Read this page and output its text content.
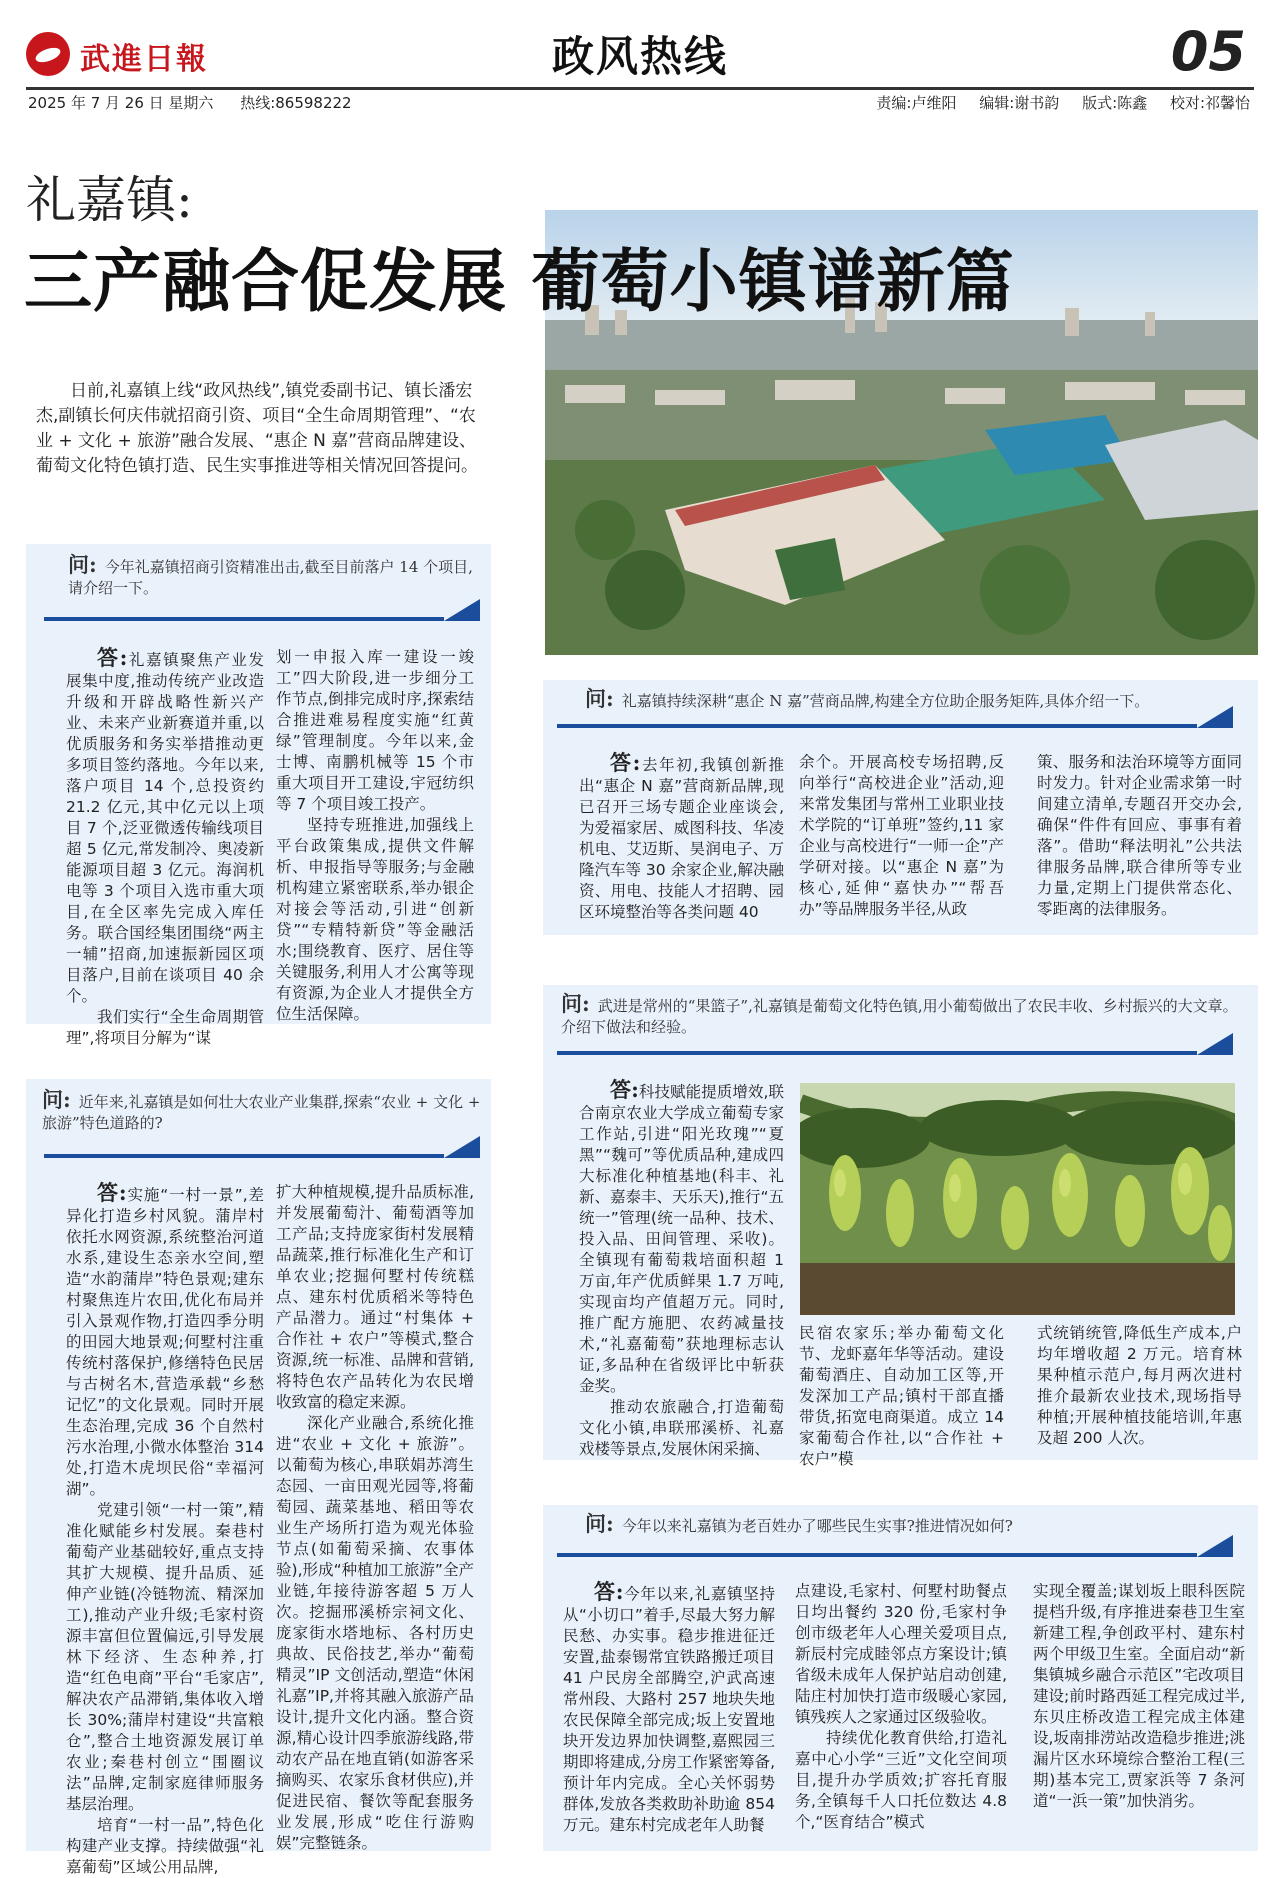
武進日報	政风热线	05
2025 年 7 月 26 日 星期六 热线:86598222	责编:卢维阳 编辑:谢书韵 版式:陈鑫 校对:祁馨怡
礼嘉镇:
三产融合促发展 葡萄小镇谱新篇
日前,礼嘉镇上线“政风热线”,镇党委副书记、镇长潘宏杰,副镇长何庆伟就招商引资、项目“全生命周期管理”、“农业 + 文化 + 旅游”融合发展、“惠企 N 嘉”营商品牌建设、葡萄文化特色镇打造、民生实事推进等相关情况回答提问。
问: 今年礼嘉镇招商引资精准出击,截至目前落户 14 个项目,请介绍一下。

答:礼嘉镇聚焦产业发展集中度,推动传统产业改造升级和开辟战略性新兴产业、未来产业新赛道并重,以优质服务和务实举措推动更多项目签约落地。今年以来,落户项目 14 个,总投资约 21.2 亿元,其中亿元以上项目 7 个,泛亚微透传输线项目超 5 亿元,常发制冷、奥凌新能源项目超 3 亿元。海润机电等 3 个项目入选市重大项目,在全区率先完成入库任务。联合国经集团围绕“两主一辅”招商,加速振新园区项目落户,目前在谈项目 40 余个。

我们实行“全生命周期管理”,将项目分解为“谋

划一申报入库一建设一竣工”四大阶段,进一步细分工作节点,倒排完成时序,探索结合推进难易程度实施“红黄绿”管理制度。今年以来,金士博、南鹏机械等 15 个市重大项目开工建设,宇冠纺织等 7 个项目竣工投产。

坚持专班推进,加强线上平台政策集成,提供文件解析、申报指导等服务;与金融机构建立紧密联系,举办银企对接会等活动,引进“创新贷”“专精特新贷”等金融活水;围绕教育、医疗、居住等关键服务,利用人才公寓等现有资源,为企业人才提供全方位生活保障。

问: 礼嘉镇持续深耕“惠企 N 嘉”营商品牌,构建全方位助企服务矩阵,具体介绍一下。

答:去年初,我镇创新推出“惠企 N 嘉”营商新品牌,现已召开三场专题企业座谈会,为爱福家居、威图科技、华凌机电、艾迈斯、昊润电子、万隆汽车等 30 余家企业,解决融资、用电、技能人才招聘、园区环境整治等各类问题 40

余个。开展高校专场招聘,反向举行“高校进企业”活动,迎来常发集团与常州工业职业技术学院的“订单班”签约,11 家企业与高校进行“一师一企”产学研对接。以“惠企 N 嘉”为核心,延伸“嘉快办”“帮吾办”等品牌服务半径,从政

策、服务和法治环境等方面同时发力。针对企业需求第一时间建立清单,专题召开交办会,确保“件件有回应、事事有着落”。借助“释法明礼”公共法律服务品牌,联合律所等专业力量,定期上门提供常态化、零距离的法律服务。

问: 近年来,礼嘉镇是如何壮大农业产业集群,探索“农业 + 文化 + 旅游”特色道路的?

答:实施“一村一景”,差异化打造乡村风貌。蒲岸村依托水网资源,系统整治河道水系,建设生态亲水空间,塑造“水韵蒲岸”特色景观;建东村聚焦连片农田,优化布局并引入景观作物,打造四季分明的田园大地景观;何墅村注重传统村落保护,修缮特色民居与古树名木,营造承载“乡愁记忆”的文化景观。同时开展生态治理,完成 36 个自然村污水治理,小微水体整治 314 处,打造木虎坝民俗“幸福河湖”。

党建引领“一村一策”,精准化赋能乡村发展。秦巷村葡萄产业基础较好,重点支持其扩大规模、提升品质、延伸产业链(冷链物流、精深加工),推动产业升级;毛家村资源丰富但位置偏远,引导发展林下经济、生态种养,打造“红色电商”平台“毛家店”,解决农产品滞销,集体收入增长 30%;蒲岸村建设“共富粮仓”,整合土地资源发展订单农业;秦巷村创立“围圈议法”品牌,定制家庭律师服务基层治理。

培育“一村一品”,特色化构建产业支撑。持续做强“礼嘉葡萄”区域公用品牌,

扩大种植规模,提升品质标准,并发展葡萄汁、葡萄酒等加工产品;支持庞家街村发展精品蔬菜,推行标准化生产和订单农业;挖掘何墅村传统糕点、建东村优质稻米等特色产品潜力。通过“村集体 + 合作社 + 农户”等模式,整合资源,统一标准、品牌和营销,将特色农产品转化为农民增收致富的稳定来源。

深化产业融合,系统化推进“农业 + 文化 + 旅游”。以葡萄为核心,串联娟苏湾生态园、一亩田观光园等,将葡萄园、蔬菜基地、稻田等农业生产场所打造为观光体验节点(如葡萄采摘、农事体验),形成“种植加工旅游”全产业链,年接待游客超 5 万人次。挖掘邢溪桥宗祠文化、庞家街水塔地标、各村历史典故、民俗技艺,举办“葡萄精灵”IP 文创活动,塑造“休闲礼嘉”IP,并将其融入旅游产品设计,提升文化内涵。整合资源,精心设计四季旅游线路,带动农产品在地直销(如游客采摘购买、农家乐食材供应),并促进民宿、餐饮等配套服务业发展,形成“吃住行游购娱”完整链条。

问: 武进是常州的“果篮子”,礼嘉镇是葡萄文化特色镇,用小葡萄做出了农民丰收、乡村振兴的大文章。介绍下做法和经验。

答:科技赋能提质增效,联合南京农业大学成立葡萄专家工作站,引进“阳光玫瑰”“夏黑”“魏可”等优质品种,建成四大标准化种植基地(科丰、礼新、嘉泰丰、天乐天),推行“五统一”管理(统一品种、技术、投入品、田间管理、采收)。全镇现有葡萄栽培面积超 1 万亩,年产优质鲜果 1.7 万吨,实现亩均产值超万元。同时,推广配方施肥、农药减量技术,“礼嘉葡萄”获地理标志认证,多品种在省级评比中斩获金奖。

推动农旅融合,打造葡萄文化小镇,串联邢溪桥、礼嘉戏楼等景点,发展休闲采摘、

民宿农家乐;举办葡萄文化节、龙虾嘉年华等活动。建设葡萄酒庄、自动加工区等,开发深加工产品;镇村干部直播带货,拓宽电商渠道。成立 14 家葡萄合作社,以“合作社 + 农户”模

式统销统管,降低生产成本,户均年增收超 2 万元。培育林果种植示范户,每月两次进村推介最新农业技术,现场指导种植;开展种植技能培训,年惠及超 200 人次。

问: 今年以来礼嘉镇为老百姓办了哪些民生实事?推进情况如何?

答:今年以来,礼嘉镇坚持从“小切口”着手,尽最大努力解民愁、办实事。稳步推进征迁安置,盐泰锡常宜铁路搬迁项目 41 户民房全部腾空,沪武高速常州段、大路村 257 地块失地农民保障全部完成;坂上安置地块开发边界加快调整,嘉熙园三期即将建成,分房工作紧密筹备,预计年内完成。全心关怀弱势群体,发放各类救助补助逾 854 万元。建东村完成老年人助餐

点建设,毛家村、何墅村助餐点日均出餐约 320 份,毛家村争创市级老年人心理关爱项目点,新辰村完成睦邻点方案设计;镇省级未成年人保护站启动创建,陆庄村加快打造市级暖心家园,镇残疾人之家通过区级验收。

持续优化教育供给,打造礼嘉中心小学“三近”文化空间项目,提升办学质效;扩容托育服务,全镇每千人口托位数达 4.8 个,“医育结合”模式

实现全覆盖;谋划坂上眼科医院提档升级,有序推进秦巷卫生室新建工程,争创政平村、建东村两个甲级卫生室。全面启动“新集镇城乡融合示范区”宅改项目建设;前时路西延工程完成过半,东贝庄桥改造工程完成主体建设,坂南排涝站改造稳步推进;洮漏片区水环境综合整治工程(三期)基本完工,贾家浜等 7 条河道“一浜一策”加快消劣。
